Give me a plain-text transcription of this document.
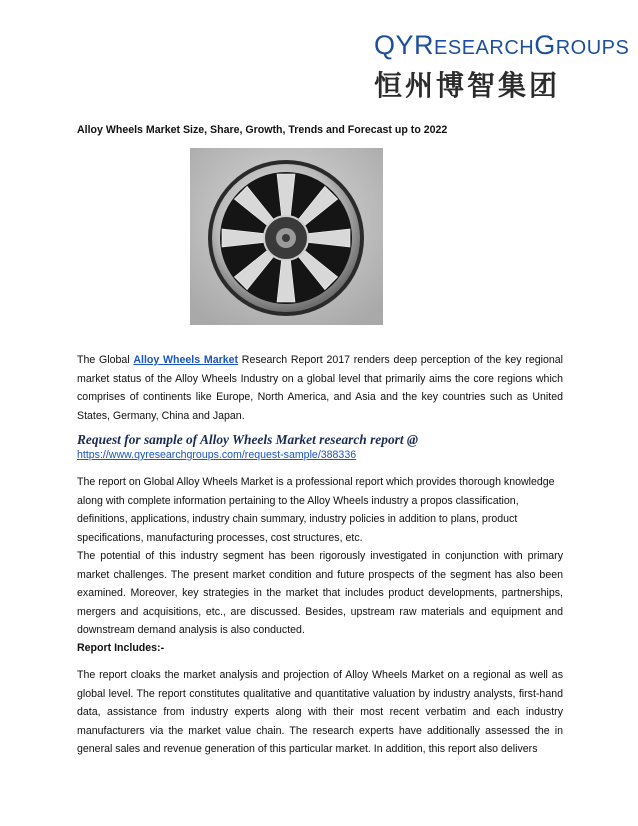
QYRESEARCHGROUPS
恒州博智集团
Alloy Wheels Market Size, Share, Growth, Trends and Forecast up to 2022
The Global Alloy Wheels Market Research Report 2017 renders deep perception of the key regional market status of the Alloy Wheels Industry on a global level that primarily aims the core regions which comprises of continents like Europe, North America, and Asia and the key countries such as United States, Germany, China and Japan.
Request for sample of Alloy Wheels Market research report @
https://www.qyresearchgroups.com/request-sample/388336
The report on Global Alloy Wheels Market is a professional report which provides thorough knowledge along with complete information pertaining to the Alloy Wheels industry a propos classification, definitions, applications, industry chain summary, industry policies in addition to plans, product specifications, manufacturing processes, cost structures, etc.
The potential of this industry segment has been rigorously investigated in conjunction with primary market challenges. The present market condition and future prospects of the segment has also been examined. Moreover, key strategies in the market that includes product developments, partnerships, mergers and acquisitions, etc., are discussed. Besides, upstream raw materials and equipment and downstream demand analysis is also conducted.
Report Includes:-
The report cloaks the market analysis and projection of Alloy Wheels Market on a regional as well as global level. The report constitutes qualitative and quantitative valuation by industry analysts, first-hand data, assistance from industry experts along with their most recent verbatim and each industry manufacturers via the market value chain. The research experts have additionally assessed the in general sales and revenue generation of this particular market. In addition, this report also delivers
